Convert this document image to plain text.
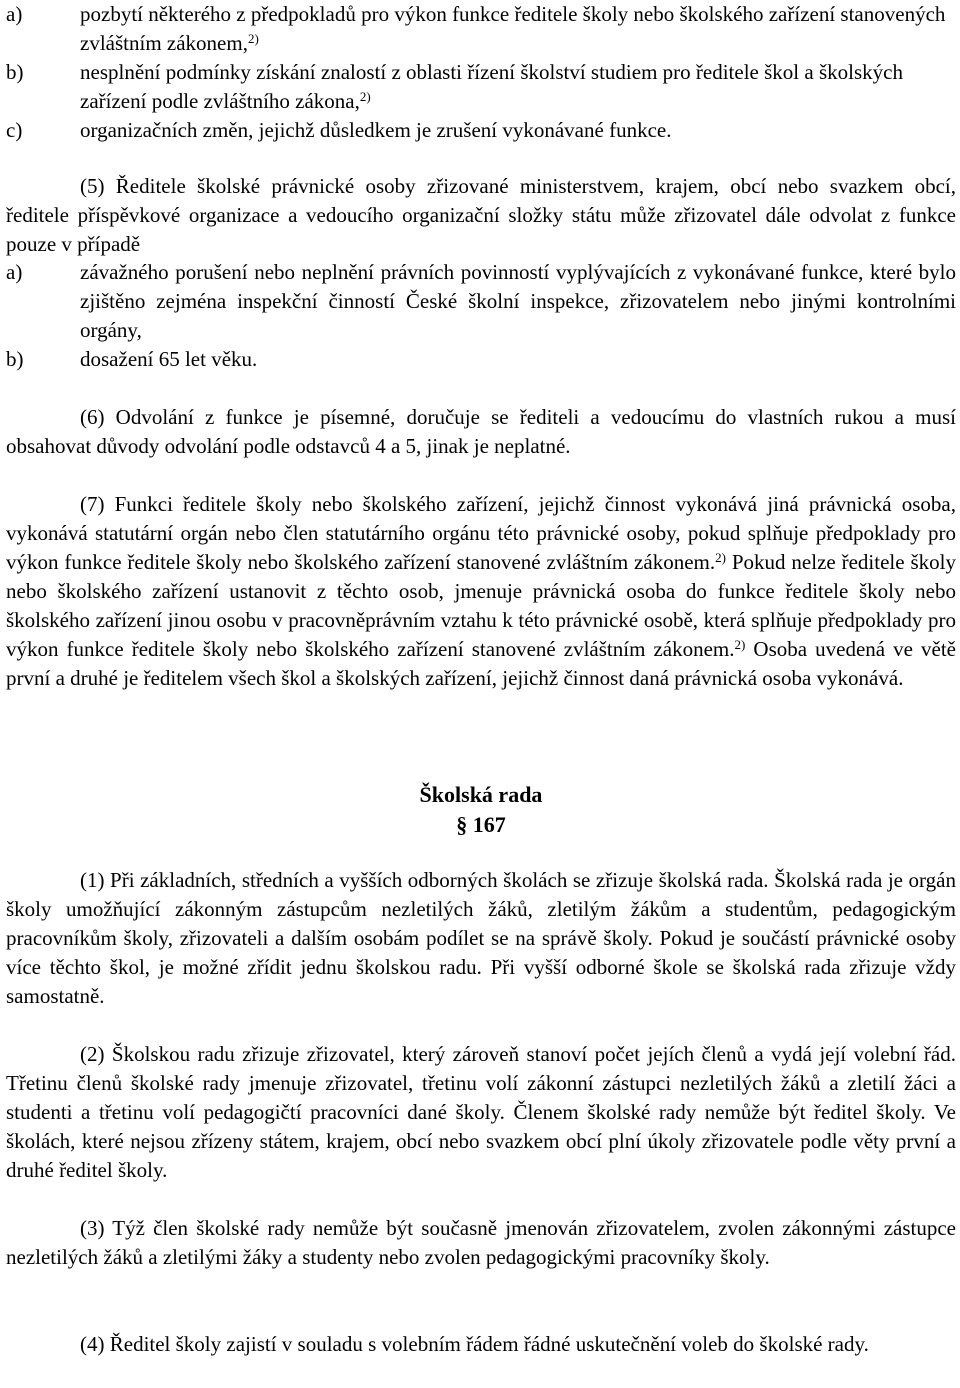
a)	pozbytí některého z předpokladů pro výkon funkce ředitele školy nebo školského zařízení stanovených zvláštním zákonem,$^{2)}$
b)	nesplnění podmínky získání znalostí z oblasti řízení školství studiem pro ředitele škol a školských zařízení podle zvláštního zákona,$^{2)}$
c)	organizačních změn, jejichž důsledkem je zrušení vykonávané funkce.
(5) Ředitele školské právnické osoby zřizované ministerstvem, krajem, obcí nebo svazkem obcí, ředitele příspěvkové organizace a vedoucího organizační složky státu může zřizovatel dále odvolat z funkce pouze v případě
a)	závažného porušení nebo neplnění právních povinností vyplývajících z vykonávané funkce, které bylo zjištěno zejména inspekční činností České školní inspekce, zřizovatelem nebo jinými kontrolními orgány,
b)	dosažení 65 let věku.
(6) Odvolání z funkce je písemné, doručuje se řediteli a vedoucímu do vlastních rukou a musí obsahovat důvody odvolání podle odstavců 4 a 5, jinak je neplatné.
(7) Funkci ředitele školy nebo školského zařízení, jejichž činnost vykonává jiná právnická osoba, vykonává statutární orgán nebo člen statutárního orgánu této právnické osoby, pokud splňuje předpoklady pro výkon funkce ředitele školy nebo školského zařízení stanovené zvláštním zákonem.$^{2)}$ Pokud nelze ředitele školy nebo školského zařízení ustanovit z těchto osob, jmenuje právnická osoba do funkce ředitele školy nebo školského zařízení jinou osobu v pracovněprávním vztahu k této právnické osobě, která splňuje předpoklady pro výkon funkce ředitele školy nebo školského zařízení stanovené zvláštním zákonem.$^{2)}$ Osoba uvedená ve větě první a druhé je ředitelem všech škol a školských zařízení, jejichž činnost daná právnická osoba vykonává.
Školská rada
§ 167
(1) Při základních, středních a vyšších odborných školách se zřizuje školská rada. Školská rada je orgán školy umožňující zákonným zástupcům nezletilých žáků, zletilým žákům a studentům, pedagogickým pracovníkům školy, zřizovateli a dalším osobám podílet se na správě školy. Pokud je součástí právnické osoby více těchto škol, je možné zřídit jednu školskou radu. Při vyšší odborné škole se školská rada zřizuje vždy samostatně.
(2) Školskou radu zřizuje zřizovatel, který zároveň stanoví počet jejích členů a vydá její volební řád. Třetinu členů školské rady jmenuje zřizovatel, třetinu volí zákonní zástupci nezletilých žáků a zletilí žáci a studenti a třetinu volí pedagogičtí pracovníci dané školy. Členem školské rady nemůže být ředitel školy. Ve školách, které nejsou zřízeny státem, krajem, obcí nebo svazkem obcí plní úkoly zřizovatele podle věty první a druhé ředitel školy.
(3) Týž člen školské rady nemůže být současně jmenován zřizovatelem, zvolen zákonnými zástupce nezletilých žáků a zletilými žáky a studenty nebo zvolen pedagogickými pracovníky školy.
(4) Ředitel školy zajistí v souladu s volebním řádem řádné uskutečnění voleb do školské rady.
